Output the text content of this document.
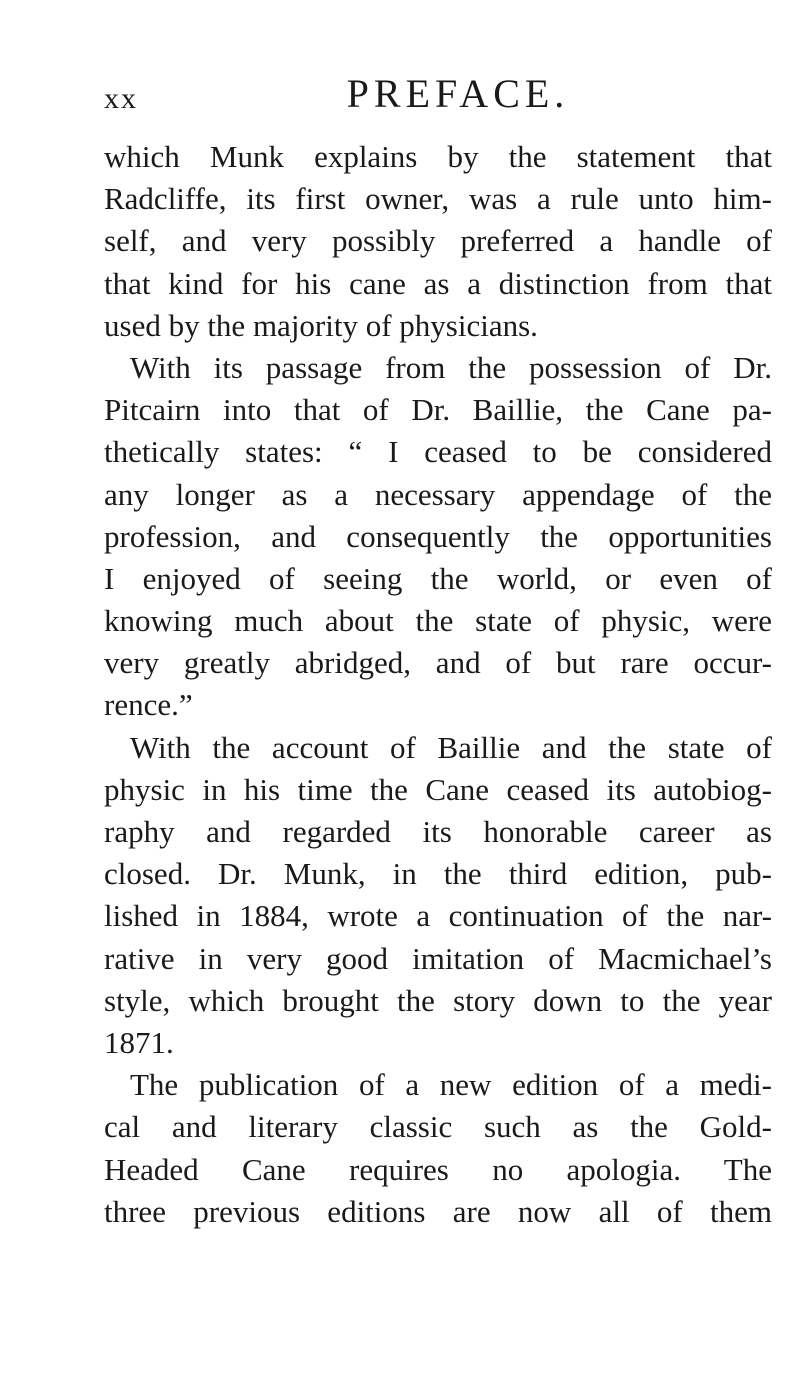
xx	PREFACE.
which Munk explains by the statement that
Radcliffe, its first owner, was a rule unto him-
self, and very possibly preferred a handle of
that kind for his cane as a distinction from that
used by the majority of physicians.
With its passage from the possession of Dr.
Pitcairn into that of Dr. Baillie, the Cane pa-
thetically states: “ I ceased to be considered
any longer as a necessary appendage of the
profession, and consequently the opportunities
I enjoyed of seeing the world, or even of
knowing much about the state of physic, were
very greatly abridged, and of but rare occur-
rence.”
With the account of Baillie and the state of
physic in his time the Cane ceased its autobiog-
raphy and regarded its honorable career as
closed. Dr. Munk, in the third edition, pub-
lished in 1884, wrote a continuation of the nar-
rative in very good imitation of Macmichael’s
style, which brought the story down to the year
1871.
The publication of a new edition of a medi-
cal and literary classic such as the Gold-
Headed Cane requires no apologia. The
three previous editions are now all of them
